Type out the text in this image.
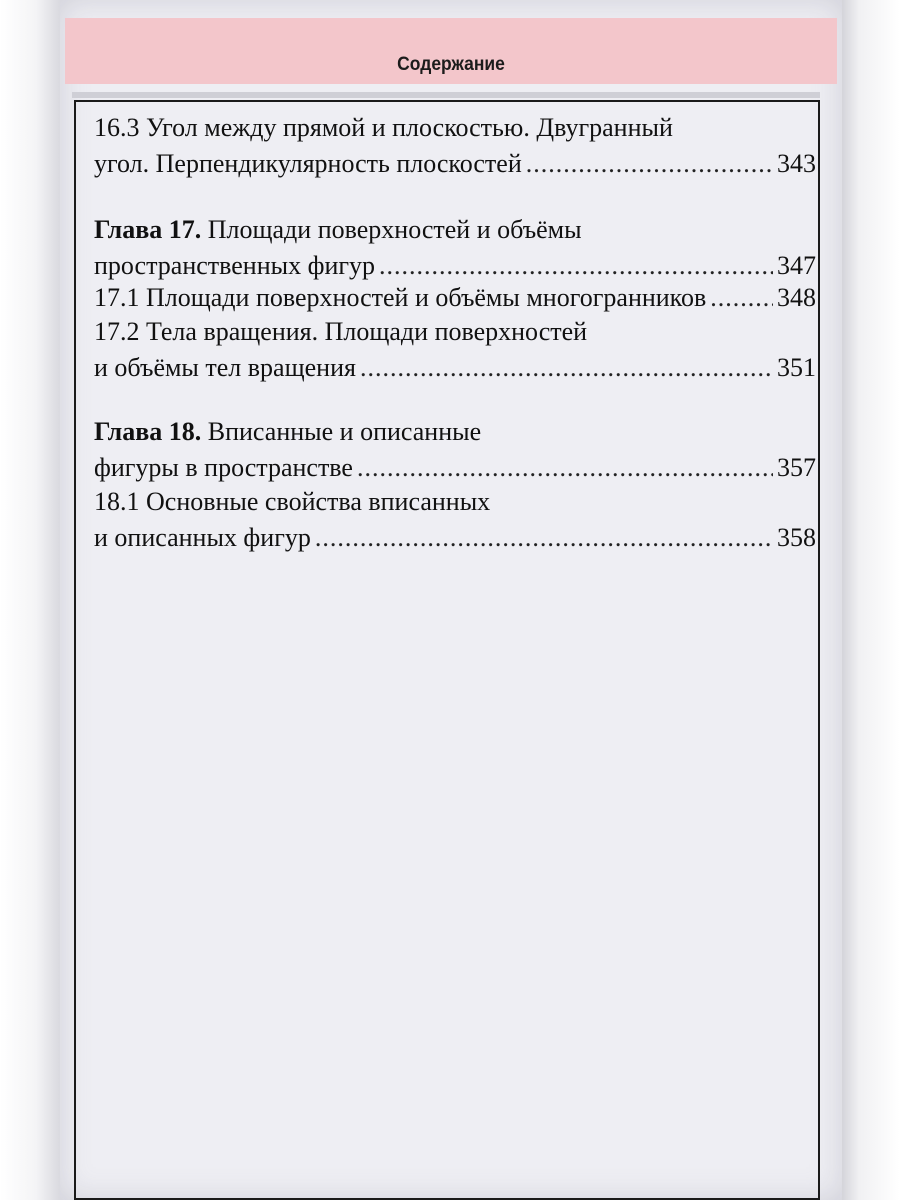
Содержание
16.3 Угол между прямой и плоскостью. Двугранный
угол. Перпендикулярность плоскостей .....	343
Глава 17. Площади поверхностей и объёмы
пространственных фигур .....	347
17.1 Площади поверхностей и объёмы многогранников .....	348
17.2 Тела вращения. Площади поверхностей
и объёмы тел вращения .....	351
Глава 18. Вписанные и описанные
фигуры в пространстве .....	357
18.1 Основные свойства вписанных
и описанных фигур .....	358
